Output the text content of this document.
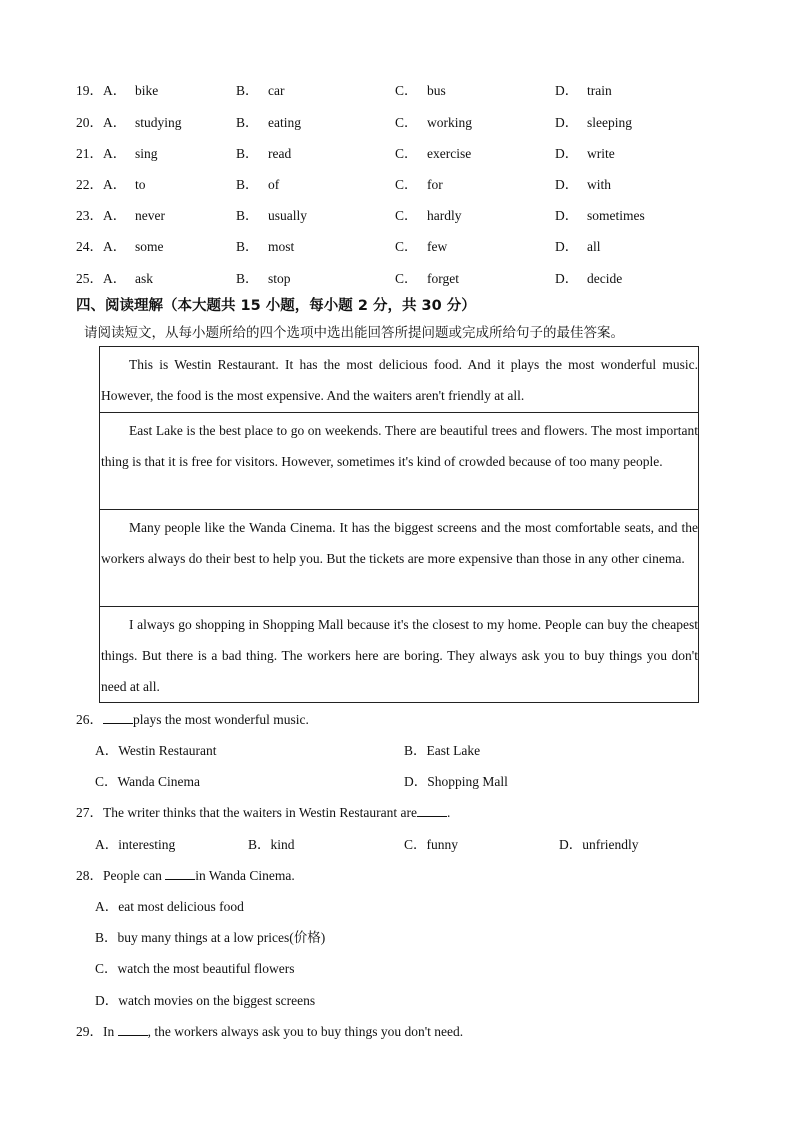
19．A． bike	B． car	C． bus	D． train
20．A． studying	B． eating	C． working	D． sleeping
21．A． sing	B． read	C． exercise	D． write
22．A． to	B． of	C． for	D． with
23．A． never	B． usually	C． hardly	D． sometimes
24．A． some	B． most	C． few	D． all
25．A． ask	B． stop	C． forget	D． decide
四、阅读理解（本大题共 15 小题，每小题 2 分，共 30 分）
请阅读短文，从每小题所给的四个选项中选出能回答所提问题或完成所给句子的最佳答案。
This is Westin Restaurant. It has the most delicious food. And it plays the most wonderful music. However, the food is the most expensive. And the waiters aren't friendly at all.
East Lake is the best place to go on weekends. There are beautiful trees and flowers. The most important thing is that it is free for visitors. However, sometimes it's kind of crowded because of too many people.
Many people like the Wanda Cinema. It has the biggest screens and the most comfortable seats, and the workers always do their best to help you. But the tickets are more expensive than those in any other cinema.
I always go shopping in Shopping Mall because it's the closest to my home. People can buy the cheapest things. But there is a bad thing. The workers here are boring. They always ask you to buy things you don't need at all.
26． plays the most wonderful music.
A．Westin Restaurant	B．East Lake
C．Wanda Cinema	D．Shopping Mall
27．The writer thinks that the waiters in Westin Restaurant are .
A．interesting	B．kind	C．funny	D．unfriendly
28．People can in Wanda Cinema.
A．eat most delicious food
B．buy many things at a low prices(价格)
C．watch the most beautiful flowers
D．watch movies on the biggest screens
29．In , the workers always ask you to buy things you don't need.
